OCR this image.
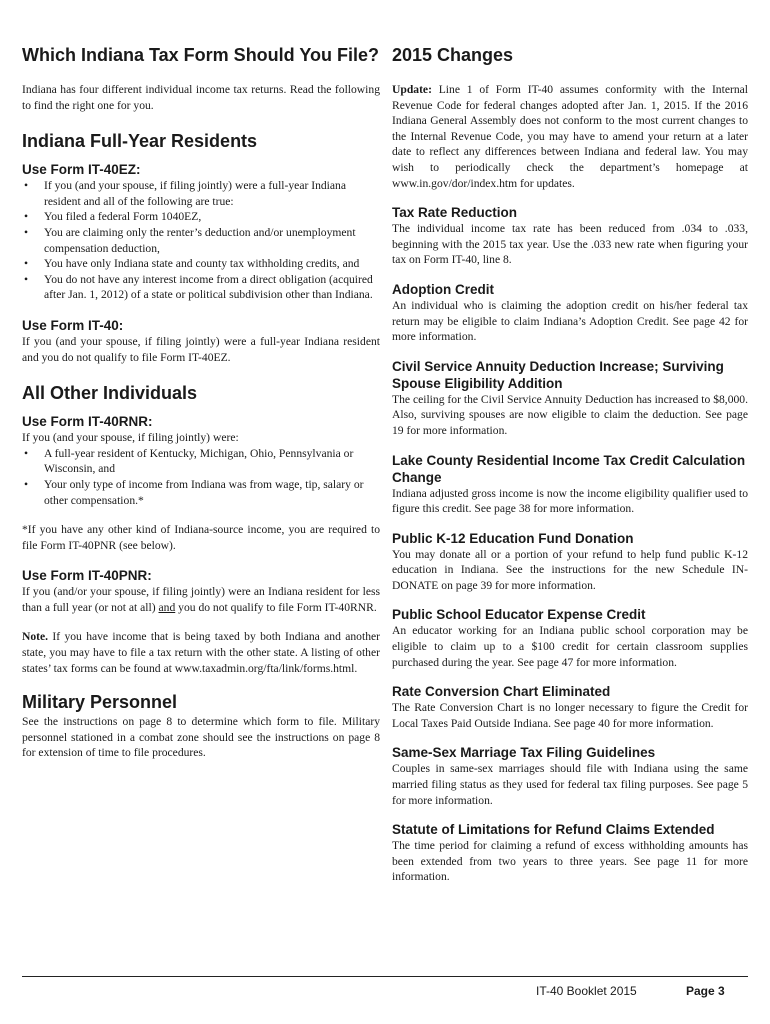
Which Indiana Tax Form Should You File?

Indiana has four different individual income tax returns. Read the following to find the right one for you.

Indiana Full-Year Residents
Use Form IT-40EZ:
• If you (and your spouse, if filing jointly) were a full-year Indiana resident and all of the following are true:
• You filed a federal Form 1040EZ,
• You are claiming only the renter’s deduction and/or unemployment compensation deduction,
• You have only Indiana state and county tax withholding credits, and
• You do not have any interest income from a direct obligation (acquired after Jan. 1, 2012) of a state or political subdivision other than Indiana.
Use Form IT-40:

If you (and your spouse, if filing jointly) were a full-year Indiana resident and you do not qualify to file Form IT-40EZ.

All Other Individuals
Use Form IT-40RNR:

If you (and your spouse, if filing jointly) were:

• A full-year resident of Kentucky, Michigan, Ohio, Pennsylvania or Wisconsin, and
• Your only type of income from Indiana was from wage, tip, salary or other compensation.*

*If you have any other kind of Indiana-source income, you are required to file Form IT-40PNR (see below).

Use Form IT-40PNR:

If you (and/or your spouse, if filing jointly) were an Indiana resident for less than a full year (or not at all) and you do not qualify to file Form IT-40RNR.

Note. If you have income that is being taxed by both Indiana and another state, you may have to file a tax return with the other state. A listing of other states’ tax forms can be found at www.taxadmin.org/fta/link/forms.html.

Military Personnel

See the instructions on page 8 to determine which form to file. Military personnel stationed in a combat zone should see the instructions on page 8 for extension of time to file procedures.

2015 Changes

Update: Line 1 of Form IT-40 assumes conformity with the Internal Revenue Code for federal changes adopted after Jan. 1, 2015. If the 2016 Indiana General Assembly does not conform to the most current changes to the Internal Revenue Code, you may have to amend your return at a later date to reflect any differences between Indiana and federal law. You may wish to periodically check the department’s homepage at www.in.gov/dor/index.htm for updates.

Tax Rate Reduction

The individual income tax rate has been reduced from .034 to .033, beginning with the 2015 tax year. Use the .033 new rate when figuring your tax on Form IT-40, line 8.

Adoption Credit

An individual who is claiming the adoption credit on his/her federal tax return may be eligible to claim Indiana’s Adoption Credit. See page 42 for more information.

Civil Service Annuity Deduction Increase; Surviving Spouse Eligibility Addition

The ceiling for the Civil Service Annuity Deduction has increased to $8,000. Also, surviving spouses are now eligible to claim the deduction. See page 19 for more information.

Lake County Residential Income Tax Credit Calculation Change

Indiana adjusted gross income is now the income eligibility qualifier used to figure this credit. See page 38 for more information.

Public K-12 Education Fund Donation

You may donate all or a portion of your refund to help fund public K-12 education in Indiana. See the instructions for the new Schedule IN-DONATE on page 39 for more information.

Public School Educator Expense Credit

An educator working for an Indiana public school corporation may be eligible to claim up to a $100 credit for certain classroom supplies purchased during the year. See page 47 for more information.

Rate Conversion Chart Eliminated

The Rate Conversion Chart is no longer necessary to figure the Credit for Local Taxes Paid Outside Indiana. See page 40 for more information.

Same-Sex Marriage Tax Filing Guidelines

Couples in same-sex marriages should file with Indiana using the same married filing status as they used for federal tax filing purposes. See page 5 for more information.

Statute of Limitations for Refund Claims Extended

The time period for claiming a refund of excess withholding amounts has been extended from two years to three years. See page 11 for more information.

IT-40 Booklet 2015	Page 3
